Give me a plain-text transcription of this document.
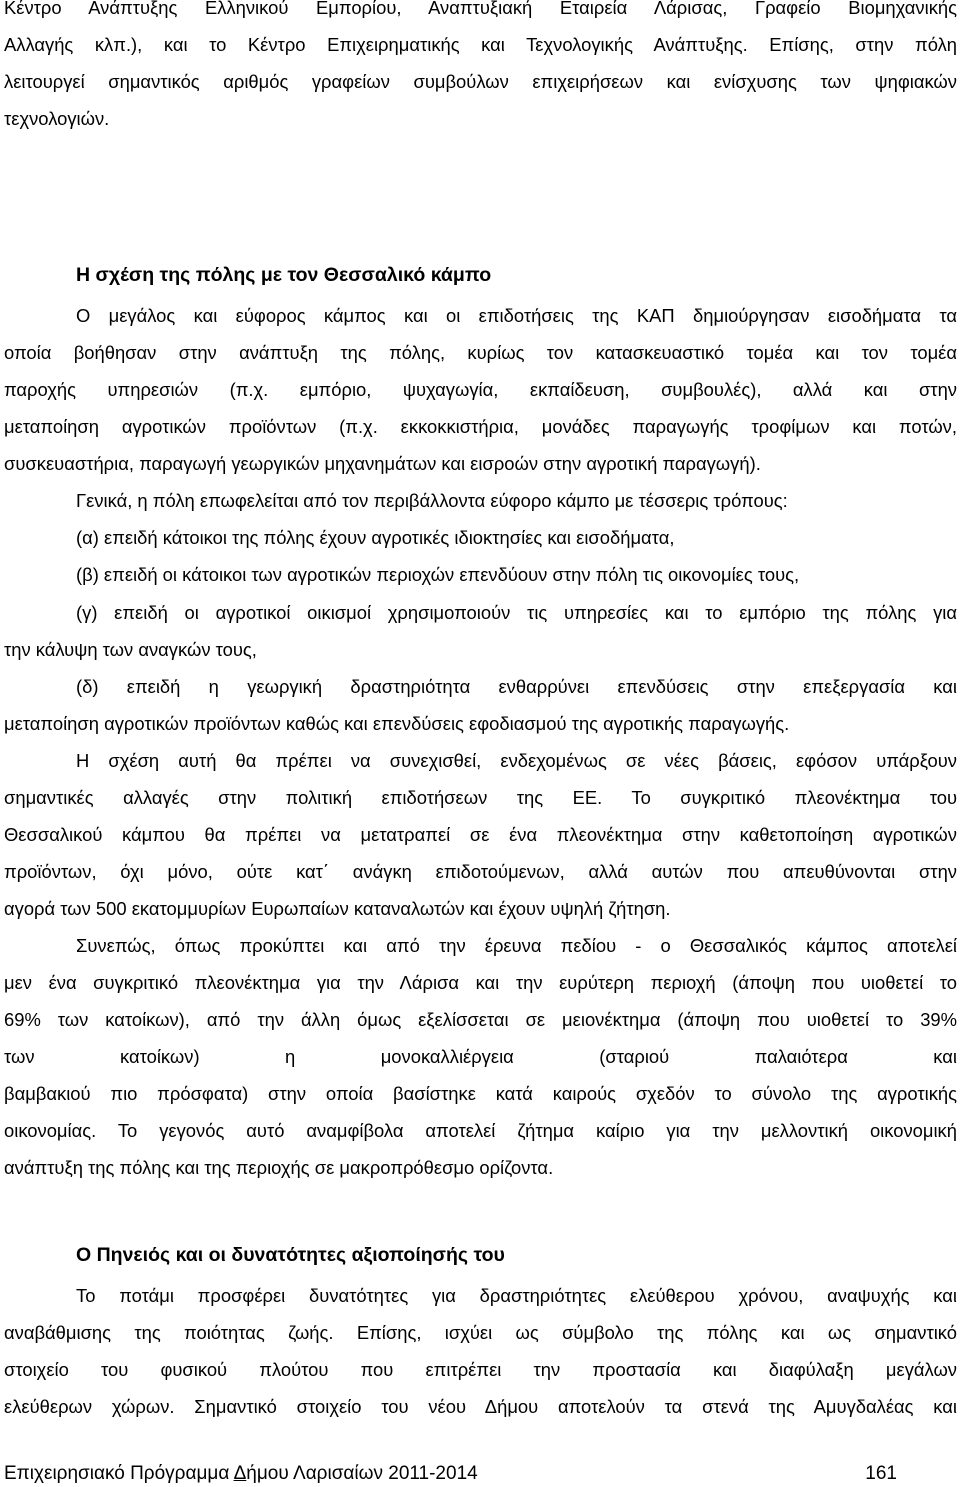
Κέντρο Ανάπτυξης Ελληνικού Εμπορίου, Αναπτυξιακή Εταιρεία Λάρισας, Γραφείο Βιομηχανικής
Αλλαγής κλπ.), και το Κέντρο Επιχειρηματικής και Τεχνολογικής Ανάπτυξης. Επίσης, στην πόλη
λειτουργεί σημαντικός αριθμός γραφείων συμβούλων επιχειρήσεων και ενίσχυσης των ψηφιακών
τεχνολογιών.
Η σχέση της πόλης με τον Θεσσαλικό κάμπο
Ο μεγάλος και εύφορος κάμπος και οι επιδοτήσεις της ΚΑΠ δημιούργησαν εισοδήματα τα
οποία βοήθησαν στην ανάπτυξη της πόλης, κυρίως τον κατασκευαστικό τομέα και τον τομέα
παροχής υπηρεσιών (π.χ. εμπόριο, ψυχαγωγία, εκπαίδευση, συμβουλές), αλλά και στην
μεταποίηση αγροτικών προϊόντων (π.χ. εκκοκκιστήρια, μονάδες παραγωγής τροφίμων και ποτών,
συσκευαστήρια, παραγωγή γεωργικών μηχανημάτων και εισροών στην αγροτική παραγωγή).
Γενικά, η πόλη επωφελείται από τον περιβάλλοντα εύφορο κάμπο με τέσσερις τρόπους:
(α) επειδή κάτοικοι της πόλης έχουν αγροτικές ιδιοκτησίες και εισοδήματα,
(β) επειδή οι κάτοικοι των αγροτικών περιοχών επενδύουν στην πόλη τις οικονομίες τους,
(γ) επειδή οι αγροτικοί οικισμοί χρησιμοποιούν τις υπηρεσίες και το εμπόριο της πόλης για
την κάλυψη των αναγκών τους,
(δ) επειδή η γεωργική δραστηριότητα ενθαρρύνει επενδύσεις στην επεξεργασία και
μεταποίηση αγροτικών προϊόντων καθώς και επενδύσεις εφοδιασμού της αγροτικής παραγωγής.
Η σχέση αυτή θα πρέπει να συνεχισθεί, ενδεχομένως σε νέες βάσεις, εφόσον υπάρξουν
σημαντικές αλλαγές στην πολιτική επιδοτήσεων της ΕΕ. Το συγκριτικό πλεονέκτημα του
Θεσσαλικού κάμπου θα πρέπει να μετατραπεί σε ένα πλεονέκτημα στην καθετοποίηση αγροτικών
προϊόντων, όχι μόνο, ούτε κατ΄ ανάγκη επιδοτούμενων, αλλά αυτών που απευθύνονται στην
αγορά των 500 εκατομμυρίων Ευρωπαίων καταναλωτών και έχουν υψηλή ζήτηση.
Συνεπώς, όπως προκύπτει και από την έρευνα πεδίου - ο Θεσσαλικός κάμπος αποτελεί
μεν ένα συγκριτικό πλεονέκτημα για την Λάρισα και την ευρύτερη περιοχή (άποψη που υιοθετεί το
69% των κατοίκων), από την άλλη όμως εξελίσσεται σε μειονέκτημα (άποψη που υιοθετεί το 39%
των κατοίκων) η μονοκαλλιέργεια (σταριού παλαιότερα και
βαμβακιού πιο πρόσφατα) στην οποία βασίστηκε κατά καιρούς σχεδόν το σύνολο της αγροτικής
οικονομίας. Το γεγονός αυτό αναμφίβολα αποτελεί ζήτημα καίριο για την μελλοντική οικονομική
ανάπτυξη της πόλης και της περιοχής σε μακροπρόθεσμο ορίζοντα.
Ο Πηνειός και οι δυνατότητες αξιοποίησής του
Το ποτάμι προσφέρει δυνατότητες για δραστηριότητες ελεύθερου χρόνου, αναψυχής και
αναβάθμισης της ποιότητας ζωής. Επίσης, ισχύει ως σύμβολο της πόλης και ως σημαντικό
στοιχείο του φυσικού πλούτου που επιτρέπει την προστασία και διαφύλαξη μεγάλων
ελεύθερων χώρων. Σημαντικό στοιχείο του νέου Δήμου αποτελούν τα στενά της Αμυγδαλέας και
Επιχειρησιακό Πρόγραμμα Δήμου Λαρισαίων 2011-2014	161
